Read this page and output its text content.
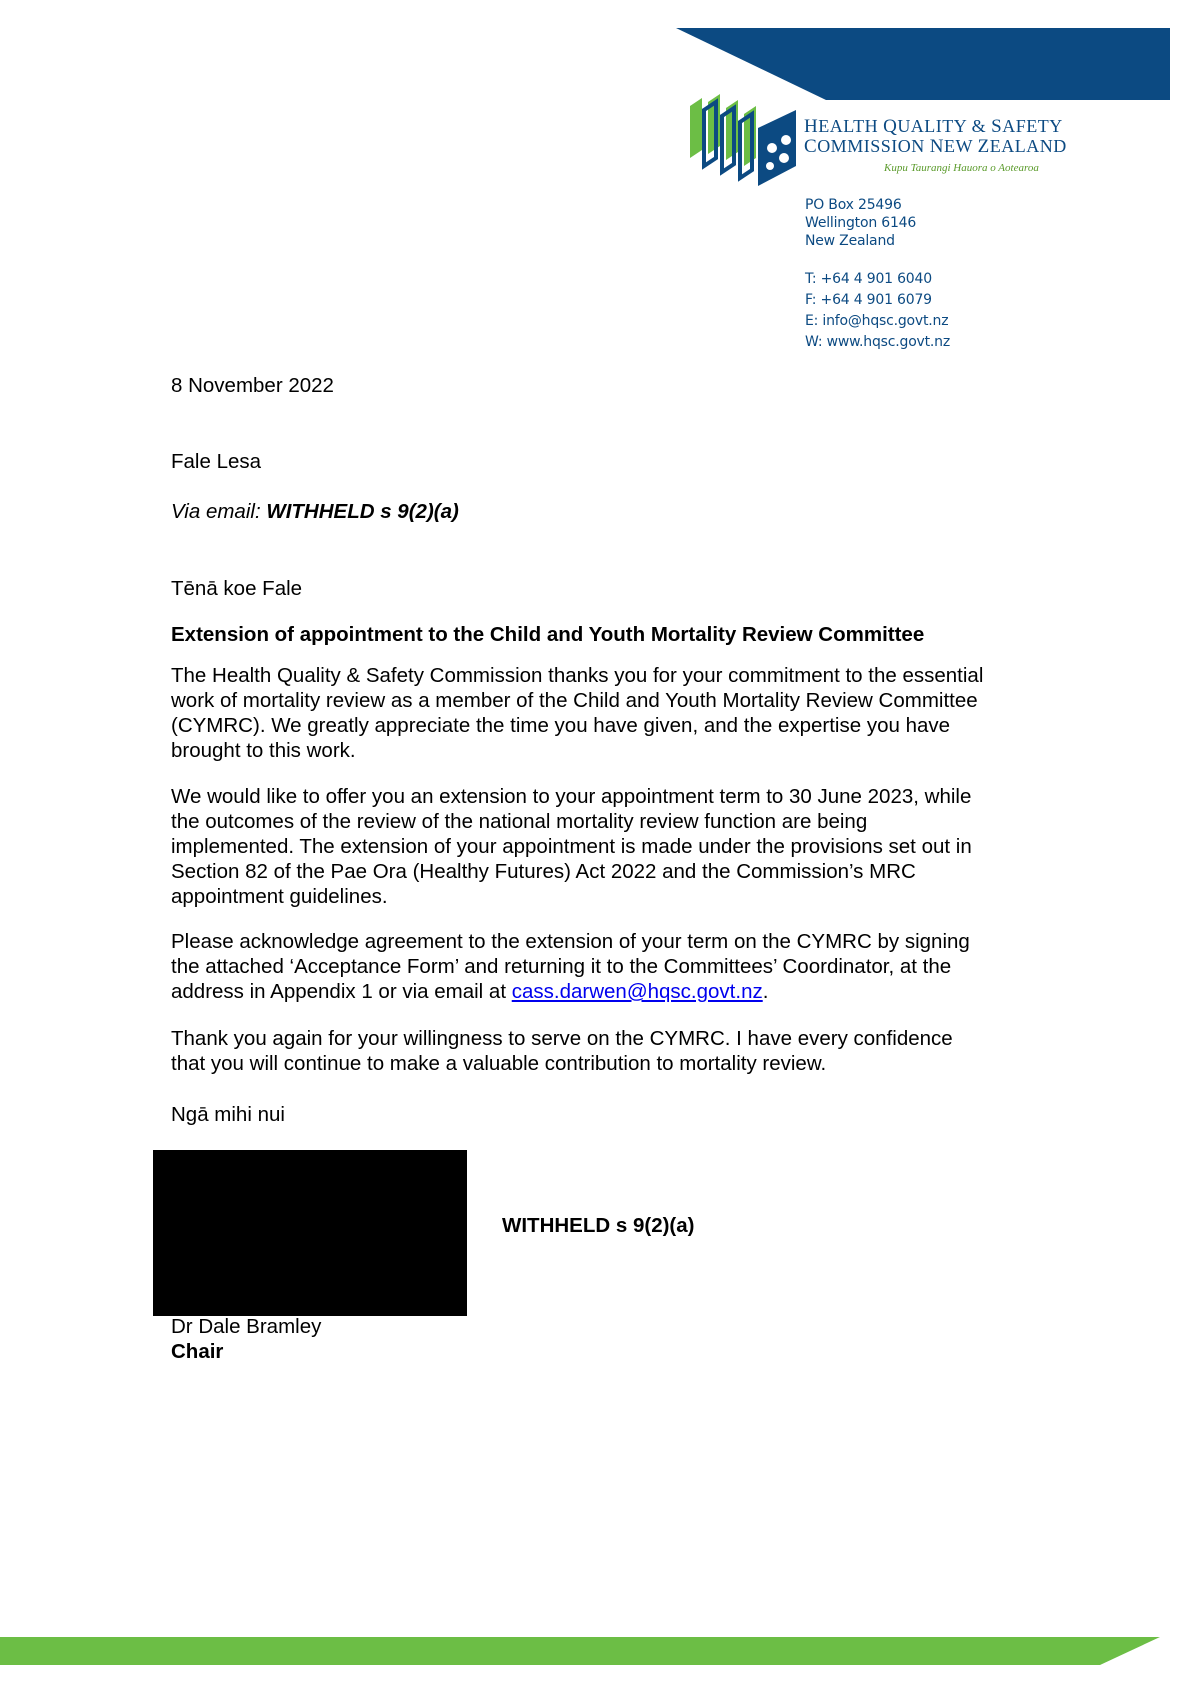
HEALTH QUALITY & SAFETY
COMMISSION NEW ZEALAND
Kupu Taurangi Hauora o Aotearoa
PO Box 25496
Wellington 6146
New Zealand
T: +64 4 901 6040
F: +64 4 901 6079
E: info@hqsc.govt.nz
W: www.hqsc.govt.nz
8 November 2022
Fale Lesa
Via email: WITHHELD s 9(2)(a)
Tēnā koe Fale
Extension of appointment to the Child and Youth Mortality Review Committee
The Health Quality & Safety Commission thanks you for your commitment to the essential
work of mortality review as a member of the Child and Youth Mortality Review Committee
(CYMRC). We greatly appreciate the time you have given, and the expertise you have
brought to this work.
We would like to offer you an extension to your appointment term to 30 June 2023, while
the outcomes of the review of the national mortality review function are being
implemented. The extension of your appointment is made under the provisions set out in
Section 82 of the Pae Ora (Healthy Futures) Act 2022 and the Commission’s MRC
appointment guidelines.
Please acknowledge agreement to the extension of your term on the CYMRC by signing
the attached ‘Acceptance Form’ and returning it to the Committees’ Coordinator, at the
address in Appendix 1 or via email at cass.darwen@hqsc.govt.nz.
Thank you again for your willingness to serve on the CYMRC. I have every confidence
that you will continue to make a valuable contribution to mortality review.
Ngā mihi nui
WITHHELD s 9(2)(a)
Dr Dale Bramley
Chair
